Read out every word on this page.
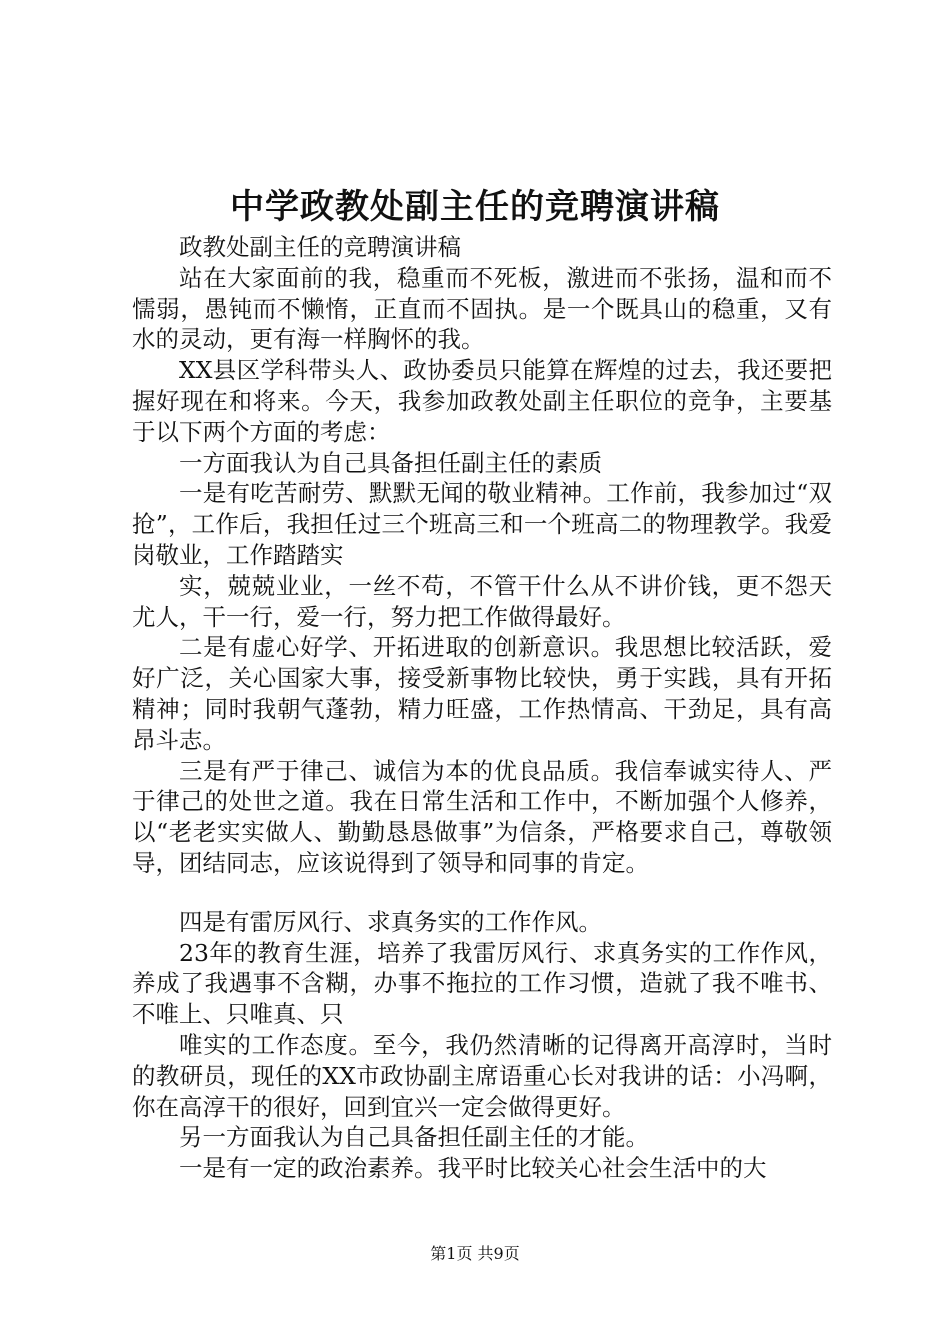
中学政教处副主任的竞聘演讲稿

政教处副主任的竞聘演讲稿

站在大家面前的我，稳重而不死板，激进而不张扬，温和而不懦弱，愚钝而不懒惰，正直而不固执。是一个既具山的稳重，又有水的灵动，更有海一样胸怀的我。

XX县区学科带头人、政协委员只能算在辉煌的过去，我还要把握好现在和将来。今天，我参加政教处副主任职位的竞争，主要基于以下两个方面的考虑：

一方面我认为自己具备担任副主任的素质

一是有吃苦耐劳、默默无闻的敬业精神。工作前，我参加过“双抢”，工作后，我担任过三个班高三和一个班高二的物理教学。我爱岗敬业，工作踏踏实

实，兢兢业业，一丝不苟，不管干什么从不讲价钱，更不怨天尤人，干一行，爱一行，努力把工作做得最好。

二是有虚心好学、开拓进取的创新意识。我思想比较活跃，爱好广泛，关心国家大事，接受新事物比较快，勇于实践，具有开拓精神；同时我朝气蓬勃，精力旺盛，工作热情高、干劲足，具有高昂斗志。

三是有严于律己、诚信为本的优良品质。我信奉诚实待人、严于律己的处世之道。我在日常生活和工作中，不断加强个人修养，以“老老实实做人、勤勤恳恳做事”为信条，严格要求自己，尊敬领导，团结同志，应该说得到了领导和同事的肯定。

四是有雷厉风行、求真务实的工作作风。

23年的教育生涯，培养了我雷厉风行、求真务实的工作作风，养成了我遇事不含糊，办事不拖拉的工作习惯，造就了我不唯书、不唯上、只唯真、只

唯实的工作态度。至今，我仍然清晰的记得离开高淳时，当时的教研员，现任的XX市政协副主席语重心长对我讲的话：小冯啊，你在高淳干的很好，回到宜兴一定会做得更好。

另一方面我认为自己具备担任副主任的才能。

一是有一定的政治素养。我平时比较关心社会生活中的大

第1页 共9页
